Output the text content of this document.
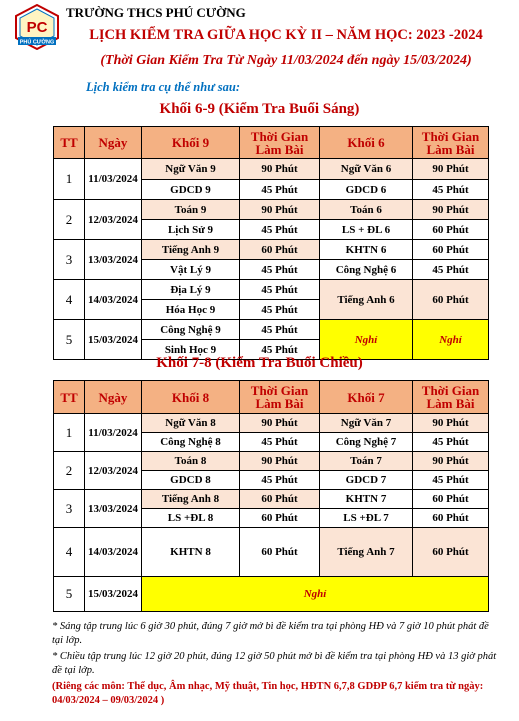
PC
PHÚ CƯỜNG
TRƯỜNG THCS PHÚ CƯỜNG
LỊCH KIỂM TRA GIỮA HỌC KỲ II – NĂM HỌC: 2023 -2024
(Thời Gian Kiểm Tra Từ Ngày 11/03/2024 đến ngày 15/03/2024)
Lịch kiểm tra cụ thể như sau:
Khối 6-9 (Kiểm Tra Buổi Sáng)
TT	Ngày	Khối 9	Thời Gian Làm Bài	Khối 6	Thời Gian Làm Bài
1	11/03/2024	Ngữ Văn 9	90 Phút	Ngữ Văn 6	90 Phút
		GDCD 9	45 Phút	GDCD 6	45 Phút
2	12/03/2024	Toán 9	90 Phút	Toán 6	90 Phút
		Lịch Sử 9	45 Phút	LS + ĐL 6	60 Phút
3	13/03/2024	Tiếng Anh 9	60 Phút	KHTN 6	60 Phút
		Vật Lý 9	45 Phút	Công Nghệ 6	45 Phút
4	14/03/2024	Địa Lý 9	45 Phút	Tiếng Anh 6	60 Phút
		Hóa Học 9	45 Phút		
5	15/03/2024	Công Nghệ 9	45 Phút	Nghỉ	Nghỉ
		Sinh Học 9	45 Phút		
Khối 7-8 (Kiểm Tra Buổi Chiều)
TT	Ngày	Khối 8	Thời Gian Làm Bài	Khối 7	Thời Gian Làm Bài
1	11/03/2024	Ngữ Văn 8	90 Phút	Ngữ Văn 7	90 Phút
		Công Nghệ 8	45 Phút	Công Nghệ 7	45 Phút
2	12/03/2024	Toán 8	90 Phút	Toán 7	90 Phút
		GDCD 8	45 Phút	GDCD 7	45 Phút
3	13/03/2024	Tiếng Anh 8	60 Phút	KHTN 7	60 Phút
		LS +ĐL 8	60 Phút	LS +ĐL 7	60 Phút
4	14/03/2024	KHTN 8	60 Phút	Tiếng Anh 7	60 Phút
5	15/03/2024	Nghỉ			

* Sáng tập trung lúc 6 giờ 30 phút, đúng 7 giờ mở bì đề kiểm tra tại phòng HĐ và 7 giờ 10 phút phát đề tại lớp.

* Chiều tập trung lúc 12 giờ 20 phút, đúng 12 giờ 50 phút mở bì đề kiểm tra tại phòng HĐ và 13 giờ phát đề tại lớp.

(Riêng các môn: Thể dục, Âm nhạc, Mỹ thuật, Tin học, HĐTN 6,7,8 GDĐP 6,7 kiểm tra từ ngày: 04/03/2024 – 09/03/2024 )
